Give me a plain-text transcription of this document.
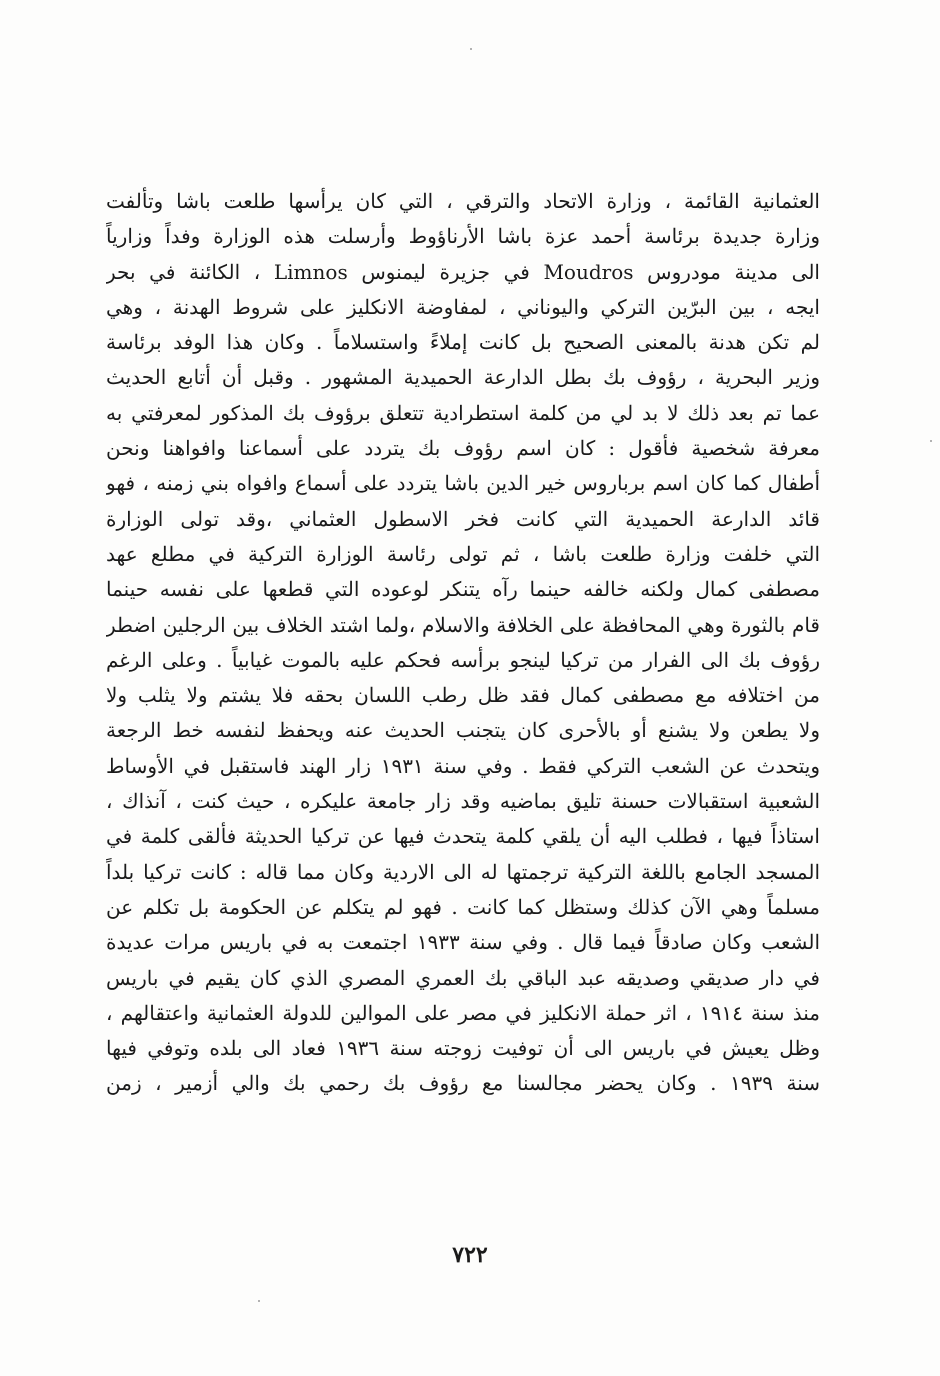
العثمانية القائمة ، وزارة الاتحاد والترقي ، التي كان يرأسها طلعت باشا وتألفت
وزارة جديدة برئاسة أحمد عزة باشا الأرناؤوط وأرسلت هذه الوزارة وفداً وزارياً
الى مدينة مودروس Moudros في جزيرة ليمنوس Limnos ، الكائنة في بحر
ايجه ، بين البرّين التركي واليوناني ، لمفاوضة الانكليز على شروط الهدنة ، وهي
لم تكن هدنة بالمعنى الصحيح بل كانت إملاءً واستسلاماً . وكان هذا الوفد برئاسة
وزير البحرية ، رؤوف بك بطل الدارعة الحميدية المشهور . وقبل أن أتابع الحديث
عما تم بعد ذلك لا بد لي من كلمة استطرادية تتعلق برؤوف بك المذكور لمعرفتي به
معرفة شخصية فأقول : كان اسم رؤوف بك يتردد على أسماعنا وافواهنا ونحن
أطفال كما كان اسم برباروس خير الدين باشا يتردد على أسماع وافواه بني زمنه ، فهو
قائد الدارعة الحميدية التي كانت فخر الاسطول العثماني ،وقد تولى الوزارة
التي خلفت وزارة طلعت باشا ، ثم تولى رئاسة الوزارة التركية في مطلع عهد
مصطفى كمال ولكنه خالفه حينما رآه يتنكر لوعوده التي قطعها على نفسه حينما
قام بالثورة وهي المحافظة على الخلافة والاسلام ،ولما اشتد الخلاف بين الرجلين اضطر
رؤوف بك الى الفرار من تركيا لينجو برأسه فحكم عليه بالموت غيابياً . وعلى الرغم
من اختلافه مع مصطفى كمال فقد ظل رطب اللسان بحقه فلا يشتم ولا يثلب ولا
ولا يطعن ولا يشنع أو بالأحرى كان يتجنب الحديث عنه ويحفظ لنفسه خط الرجعة
ويتحدث عن الشعب التركي فقط . وفي سنة ١٩٣١ زار الهند فاستقبل في الأوساط
الشعبية استقبالات حسنة تليق بماضيه وقد زار جامعة عليكره ، حيث كنت ، آنذاك ،
استاذاً فيها ، فطلب اليه أن يلقي كلمة يتحدث فيها عن تركيا الحديثة فألقى كلمة في
المسجد الجامع باللغة التركية ترجمتها له الى الاردية وكان مما قاله : كانت تركيا بلداً
مسلماً وهي الآن كذلك وستظل كما كانت . فهو لم يتكلم عن الحكومة بل تكلم عن
الشعب وكان صادقاً فيما قال . وفي سنة ١٩٣٣ اجتمعت به في باريس مرات عديدة
في دار صديقي وصديقه عبد الباقي بك العمري المصري الذي كان يقيم في باريس
منذ سنة ١٩١٤ ، اثر حملة الانكليز في مصر على الموالين للدولة العثمانية واعتقالهم ،
وظل يعيش في باريس الى أن توفيت زوجته سنة ١٩٣٦ فعاد الى بلده وتوفي فيها
سنة ١٩٣٩ . وكان يحضر مجالسنا مع رؤوف بك رحمي بك والي أزمير ، زمن
٧٢٢
